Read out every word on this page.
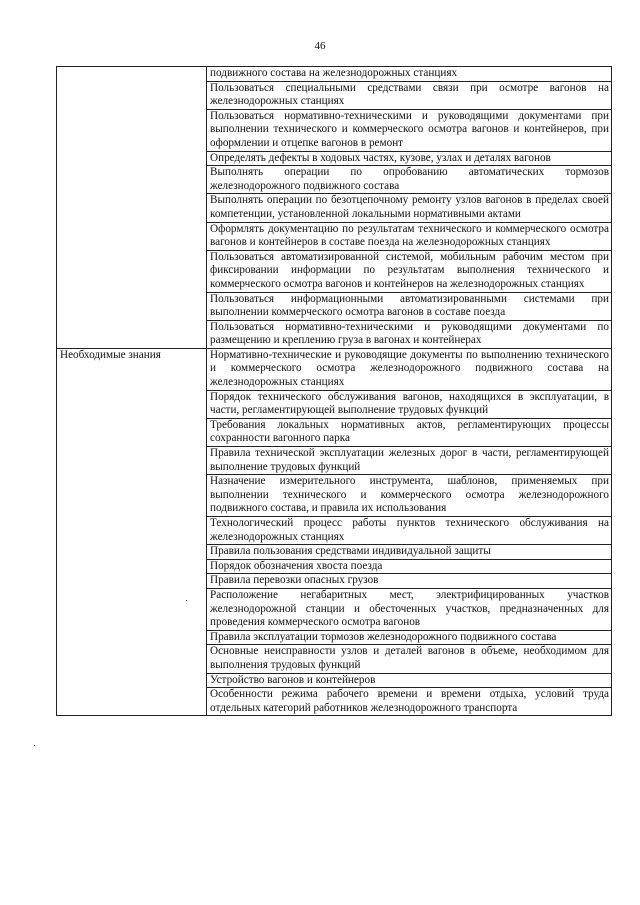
46
	подвижного состава на железнодорожных станциях
	Пользоваться специальными средствами связи при осмотре вагонов на железнодорожных станциях
	Пользоваться нормативно-техническими и руководящими документами при выполнении технического и коммерческого осмотра вагонов и контейнеров, при оформлении и отцепке вагонов в ремонт
	Определять дефекты в ходовых частях, кузове, узлах и деталях вагонов
	Выполнять операции по опробованию автоматических тормозов железнодорожного подвижного состава
	Выполнять операции по безотцепочному ремонту узлов вагонов в пределах своей компетенции, установленной локальными нормативными актами
	Оформлять документацию по результатам технического и коммерческого осмотра вагонов и контейнеров в составе поезда на железнодорожных станциях
	Пользоваться автоматизированной системой, мобильным рабочим местом при фиксировании информации по результатам выполнения технического и коммерческого осмотра вагонов и контейнеров на железнодорожных станциях
	Пользоваться информационными автоматизированными системами при выполнении коммерческого осмотра вагонов в составе поезда
	Пользоваться нормативно-техническими и руководящими документами по размещению и креплению груза в вагонах и контейнерах
Необходимые знания	Нормативно-технические и руководящие документы по выполнению технического и коммерческого осмотра железнодорожного подвижного состава на железнодорожных станциях
	Порядок технического обслуживания вагонов, находящихся в эксплуатации, в части, регламентирующей выполнение трудовых функций
	Требования локальных нормативных актов, регламентирующих процессы сохранности вагонного парка
	Правила технической эксплуатации железных дорог в части, регламентирующей выполнение трудовых функций
	Назначение измерительного инструмента, шаблонов, применяемых при выполнении технического и коммерческого осмотра железнодорожного подвижного состава, и правила их использования
	Технологический процесс работы пунктов технического обслуживания на железнодорожных станциях
	Правила пользования средствами индивидуальной защиты
	Порядок обозначения хвоста поезда
	Правила перевозки опасных грузов
	Расположение негабаритных мест, электрифицированных участков железнодорожной станции и обесточенных участков, предназначенных для проведения коммерческого осмотра вагонов
	Правила эксплуатации тормозов железнодорожного подвижного состава
	Основные неисправности узлов и деталей вагонов в объеме, необходимом для выполнения трудовых функций
	Устройство вагонов и контейнеров
	Особенности режима рабочего времени и времени отдыха, условий труда отдельных категорий работников железнодорожного транспорта
